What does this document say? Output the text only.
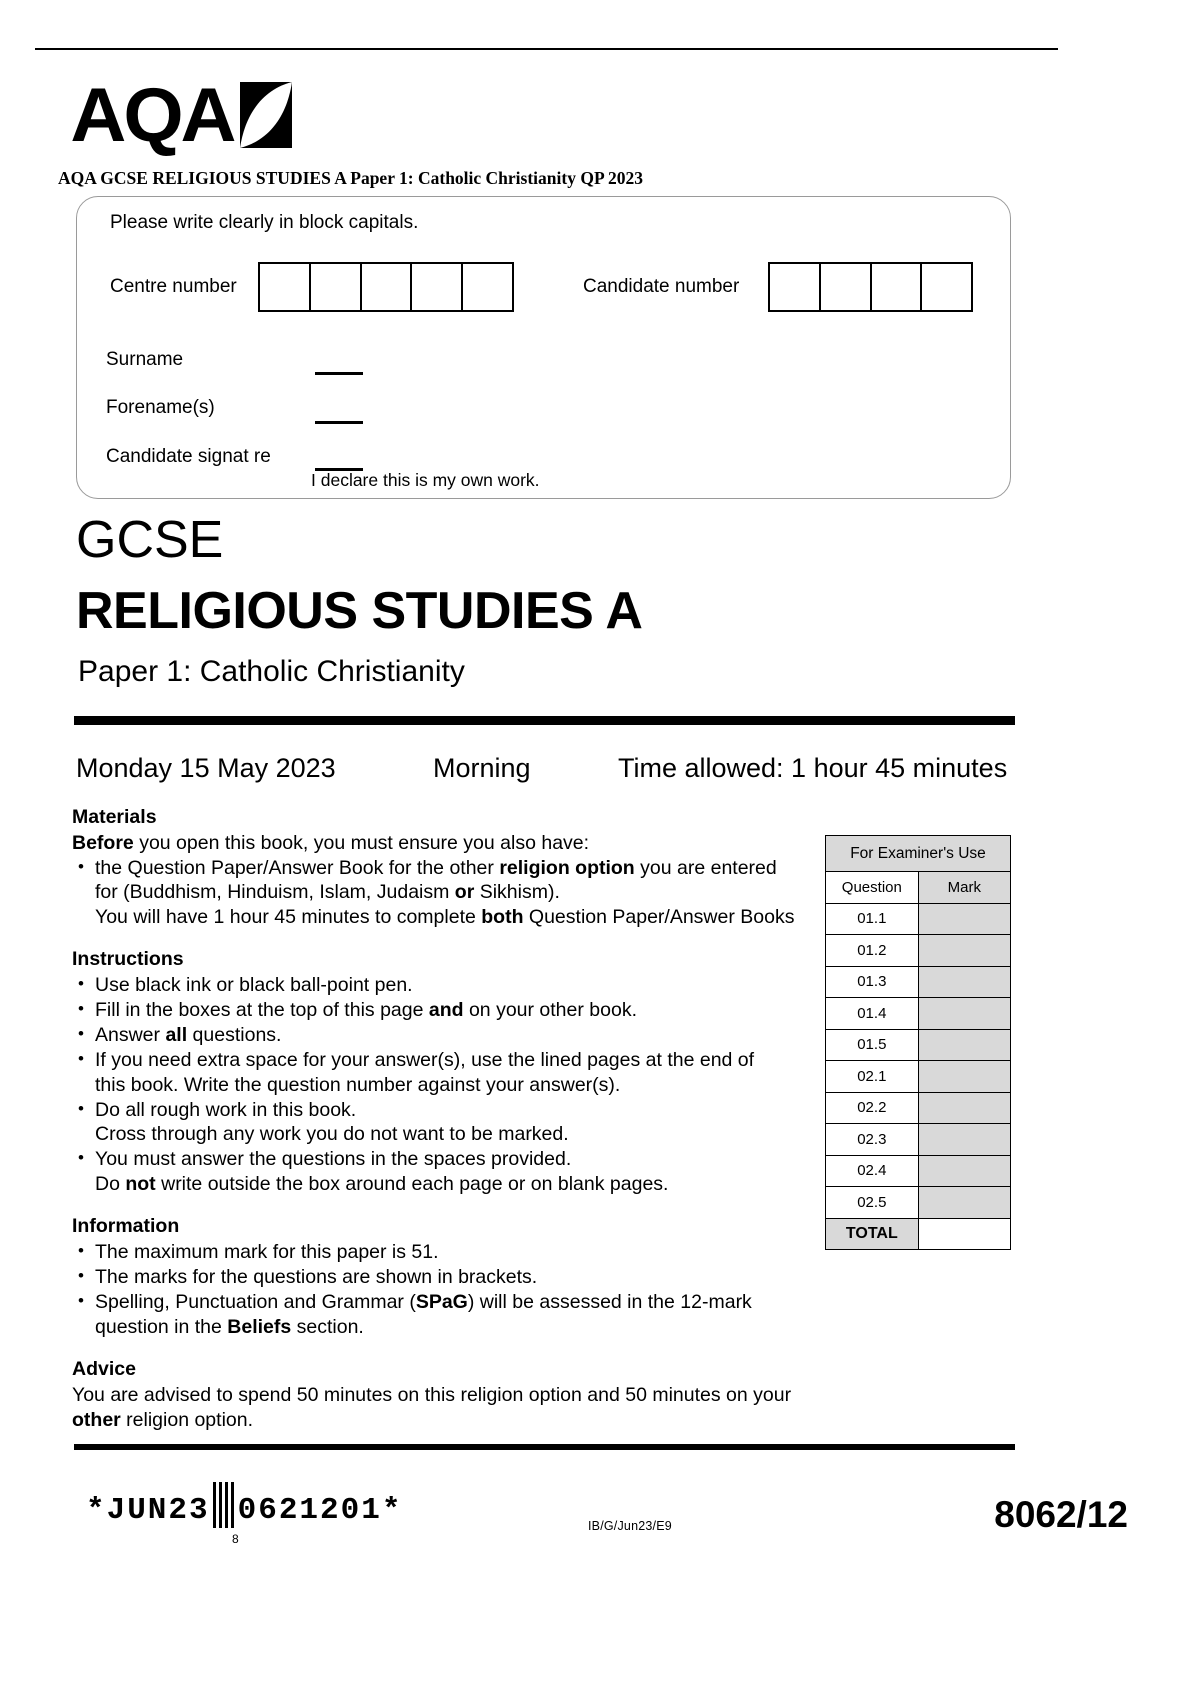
AQA
AQA GCSE RELIGIOUS STUDIES A Paper 1: Catholic Christianity QP 2023
Please write clearly in block capitals.
Centre number	Candidate number
Surname
Forename(s)
Candidate signat re
I declare this is my own work.
GCSE
RELIGIOUS STUDIES A
Paper 1: Catholic Christianity
Monday 15 May 2023	Morning	Time allowed: 1 hour 45 minutes
Materials

Before you open this book, you must ensure you also have:

• the Question Paper/Answer Book for the other religion option you are entered
for (Buddhism, Hinduism, Islam, Judaism or Sikhism).
You will have 1 hour 45 minutes to complete both Question Paper/Answer Books
Instructions
• Use black ink or black ball-point pen.
• Fill in the boxes at the top of this page and on your other book.
• Answer all questions.
• If you need extra space for your answer(s), use the lined pages at the end of
this book. Write the question number against your answer(s).
• Do all rough work in this book.
Cross through any work you do not want to be marked.
• You must answer the questions in the spaces provided.
Do not write outside the box around each page or on blank pages.
Information
• The maximum mark for this paper is 51.
• The marks for the questions are shown in brackets.
• Spelling, Punctuation and Grammar (SPaG) will be assessed in the 12-mark
question in the Beliefs section.
Advice

You are advised to spend 50 minutes on this religion option and 50 minutes on your other religion option.

For Examiner's Use	
Question	Mark
01.1	
01.2	
01.3	
01.4	
01.5	
02.1	
02.2	
02.3	
02.4	
02.5	
TOTAL	
*JUN23 0621201*
8
IB/G/Jun23/E9	8062/12
